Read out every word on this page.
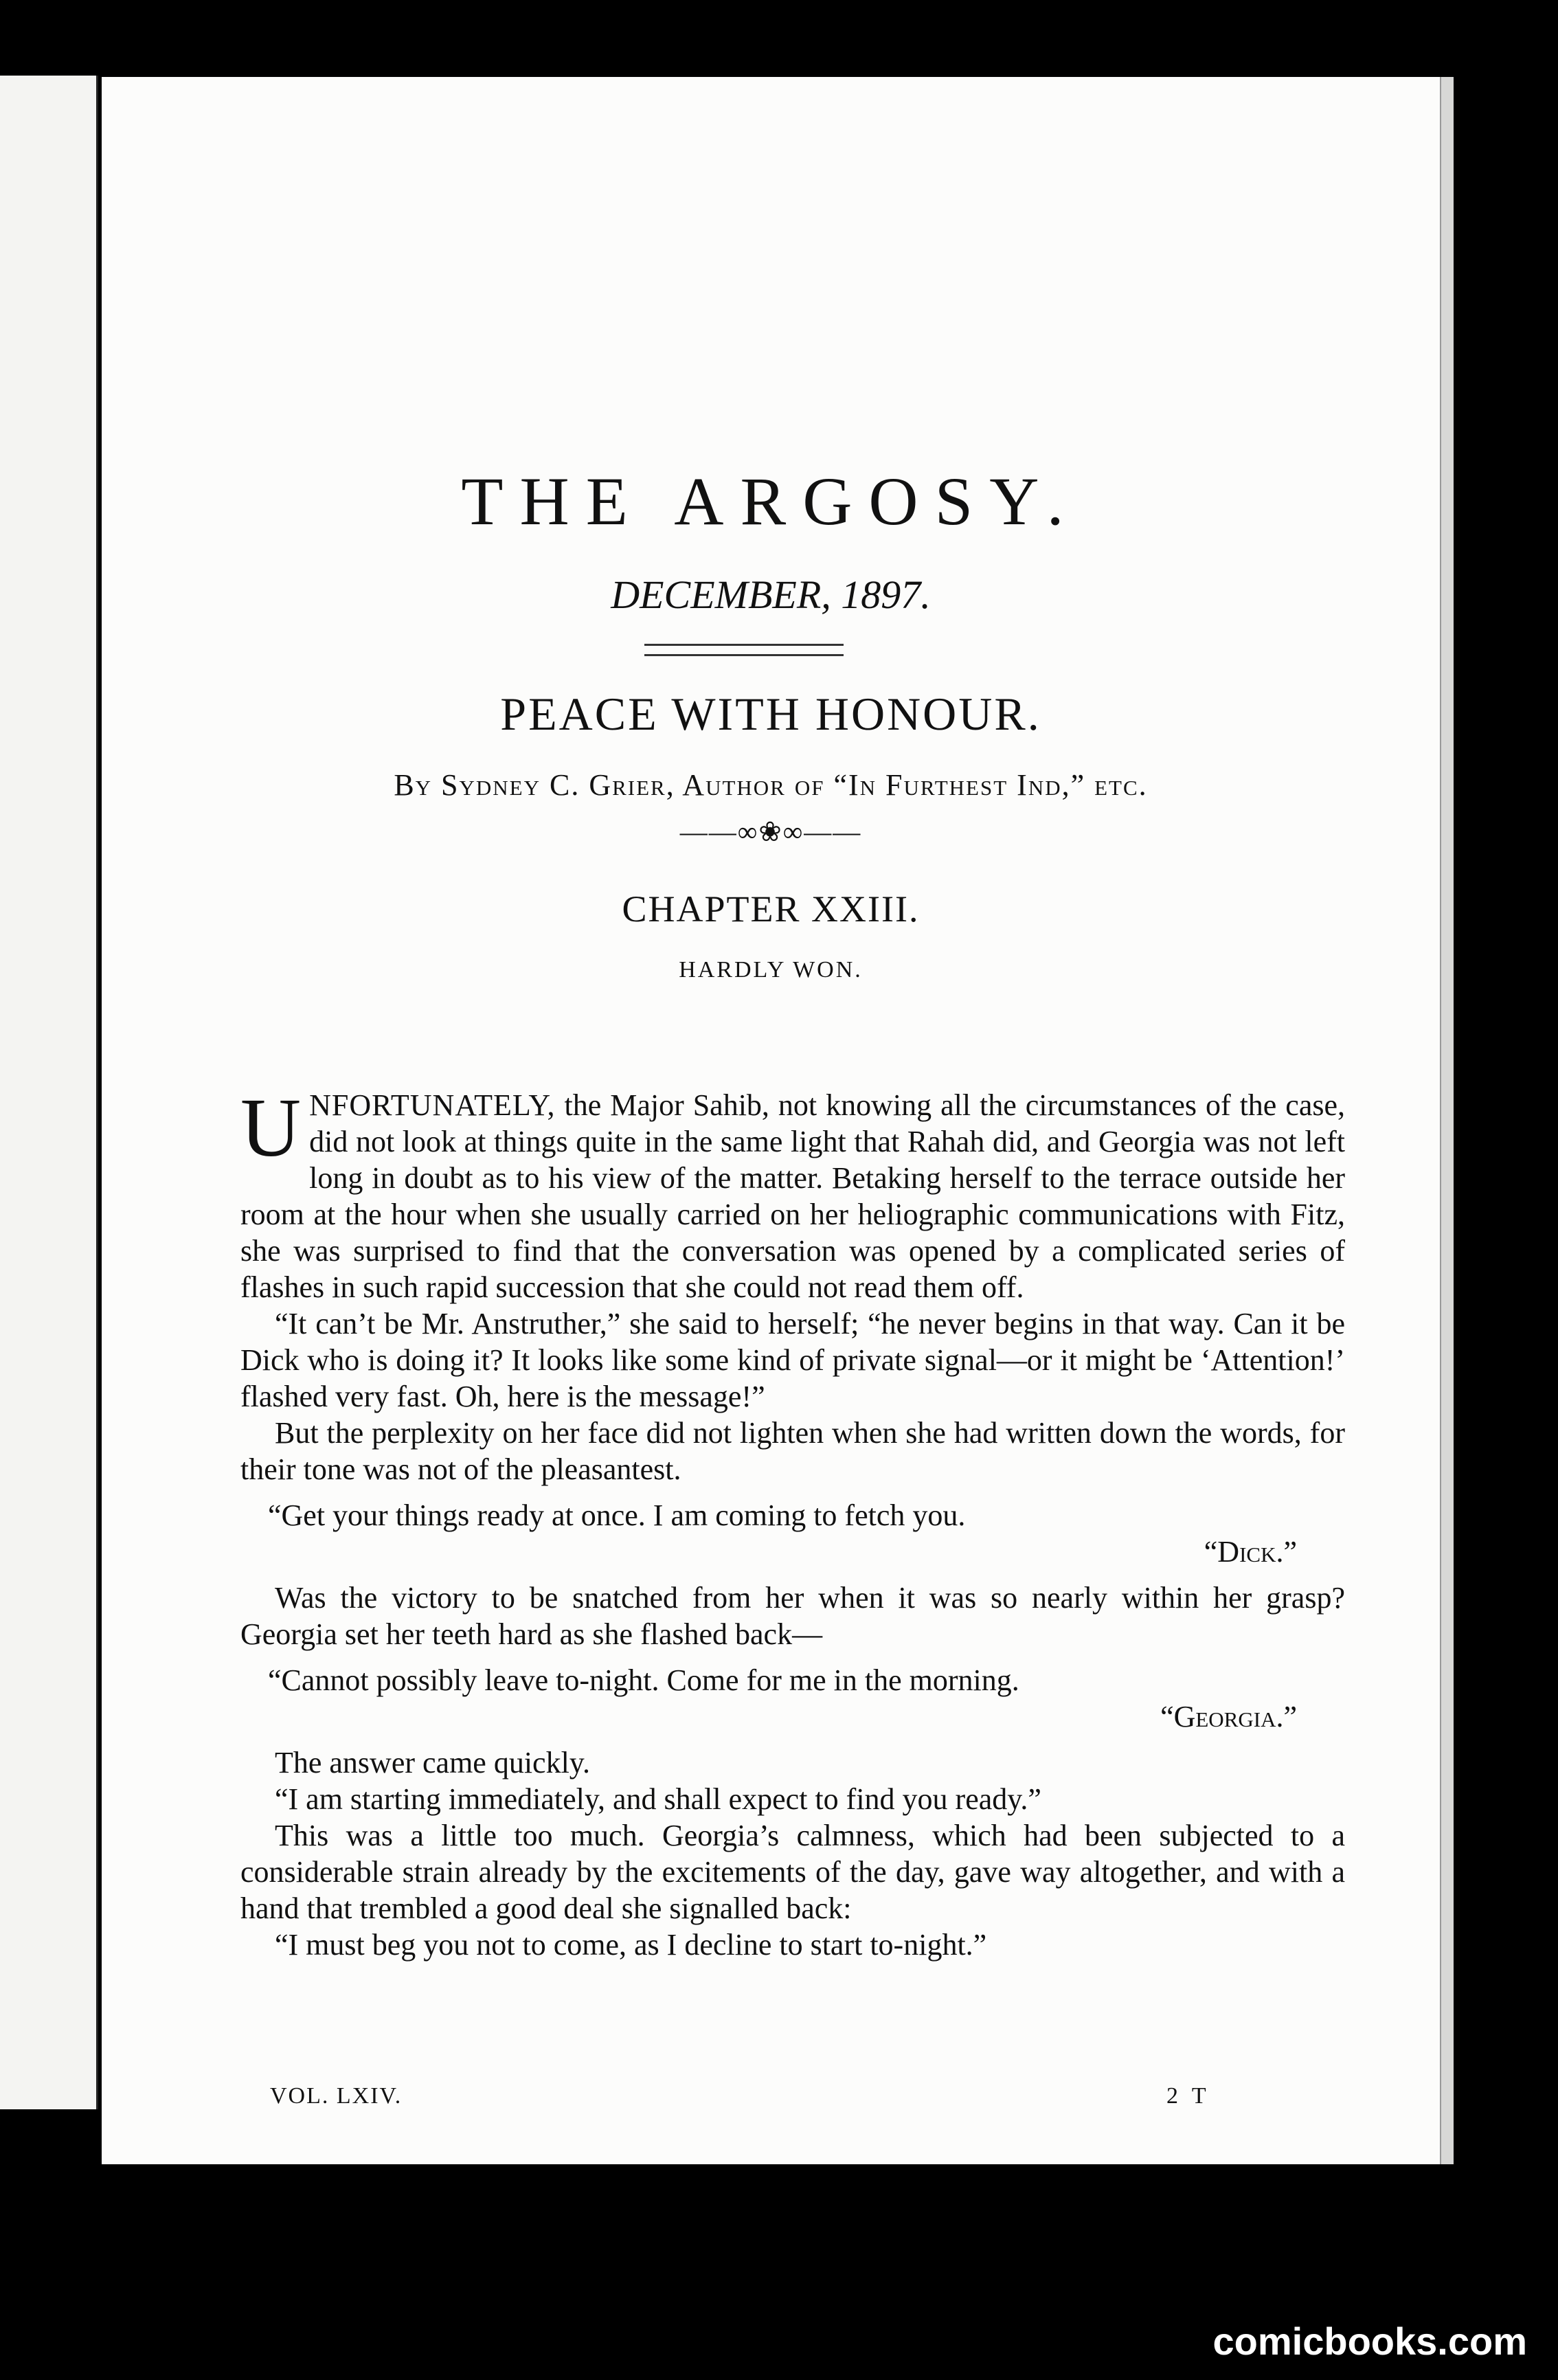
THE ARGOSY.
DECEMBER, 1897.
PEACE WITH HONOUR.
By Sydney C. Grier, Author of “In Furthest Ind,” etc.
——∞❀∞——
CHAPTER XXIII.
HARDLY WON.

UNFORTUNATELY, the Major Sahib, not knowing all the circumstances of the case, did not look at things quite in the same light that Rahah did, and Georgia was not left long in doubt as to his view of the matter. Betaking herself to the terrace outside her room at the hour when she usually carried on her heliographic communications with Fitz, she was surprised to find that the conversation was opened by a complicated series of flashes in such rapid succession that she could not read them off.

“It can’t be Mr. Anstruther,” she said to herself; “he never begins in that way. Can it be Dick who is doing it? It looks like some kind of private signal—or it might be ‘Attention!’ flashed very fast. Oh, here is the message!”

But the perplexity on her face did not lighten when she had written down the words, for their tone was not of the pleasantest.

“Get your things ready at once. I am coming to fetch you.

“Dick.”

Was the victory to be snatched from her when it was so nearly within her grasp? Georgia set her teeth hard as she flashed back—

“Cannot possibly leave to-night. Come for me in the morning.

“Georgia.”

The answer came quickly.

“I am starting immediately, and shall expect to find you ready.”

This was a little too much. Georgia’s calmness, which had been subjected to a considerable strain already by the excitements of the day, gave way altogether, and with a hand that trembled a good deal she signalled back:

“I must beg you not to come, as I decline to start to-night.”

VOL. LXIV.	2 T
comicbooks.com
